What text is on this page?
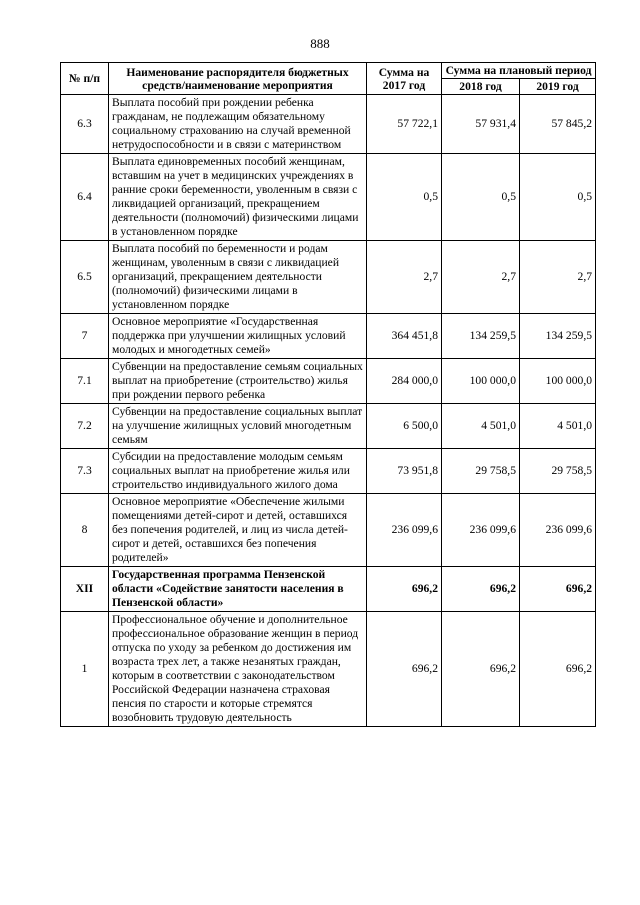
888
№ п/п	Наименование распорядителя бюджетных средств/наименование мероприятия	Сумма на 2017 год	Сумма на плановый период	
			2018 год	2019 год
6.3	Выплата пособий при рождении ребенка гражданам, не подлежащим обязательному социальному страхованию на случай временной нетрудоспособности и в связи с материнством	57 722,1	57 931,4	57 845,2
6.4	Выплата единовременных пособий женщинам, вставшим на учет в медицинских учреждениях в ранние сроки беременности, уволенным в связи с ликвидацией организаций, прекращением деятельности (полномочий) физическими лицами в установленном порядке	0,5	0,5	0,5
6.5	Выплата пособий по беременности и родам женщинам, уволенным в связи с ликвидацией организаций, прекращением деятельности (полномочий) физическими лицами в установленном порядке	2,7	2,7	2,7
7	Основное мероприятие «Государственная поддержка при улучшении жилищных условий молодых и многодетных семей»	364 451,8	134 259,5	134 259,5
7.1	Субвенции на предоставление семьям социальных выплат на приобретение (строительство) жилья при рождении первого ребенка	284 000,0	100 000,0	100 000,0
7.2	Субвенции на предоставление социальных выплат на улучшение жилищных условий многодетным семьям	6 500,0	4 501,0	4 501,0
7.3	Субсидии на предоставление молодым семьям социальных выплат на приобретение жилья или строительство индивидуального жилого дома	73 951,8	29 758,5	29 758,5
8	Основное мероприятие «Обеспечение жилыми помещениями детей-сирот и детей, оставшихся без попечения родителей, и лиц из числа детей-сирот и детей, оставшихся без попечения родителей»	236 099,6	236 099,6	236 099,6
XII	Государственная программа Пензенской области «Содействие занятости населения в Пензенской области»	696,2	696,2	696,2
1	Профессиональное обучение и дополнительное профессиональное образование женщин в период отпуска по уходу за ребенком до достижения им возраста трех лет, а также незанятых граждан, которым в соответствии с законодательством Российской Федерации назначена страховая пенсия по старости и которые стремятся возобновить трудовую деятельность	696,2	696,2	696,2
